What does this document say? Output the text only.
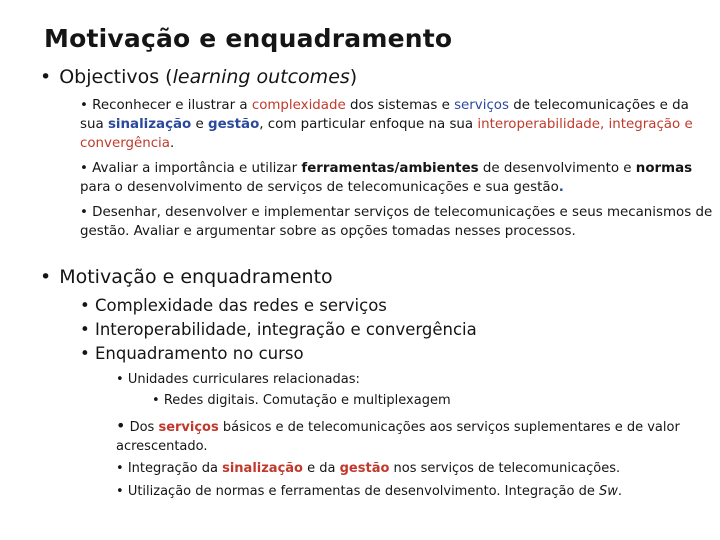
Motivação e enquadramento
• Objectivos (learning outcomes)
• Reconhecer e ilustrar a complexidade dos sistemas e serviços de telecomunicações e da sua sinalização e gestão, com particular enfoque na sua interoperabilidade, integração e convergência.
• Avaliar a importância e utilizar ferramentas/ambientes de desenvolvimento e normas para o desenvolvimento de serviços de telecomunicações e sua gestão.
• Desenhar, desenvolver e implementar serviços de telecomunicações e seus mecanismos de gestão. Avaliar e argumentar sobre as opções tomadas nesses processos.
• Motivação e enquadramento
• Complexidade das redes e serviços
• Interoperabilidade, integração e convergência
• Enquadramento no curso
• Unidades curriculares relacionadas:
• Redes digitais. Comutação e multiplexagem
• Dos serviços básicos e de telecomunicações aos serviços suplementares e de valor acrescentado.
• Integração da sinalização e da gestão nos serviços de telecomunicações.
• Utilização de normas e ferramentas de desenvolvimento. Integração de Sw.
